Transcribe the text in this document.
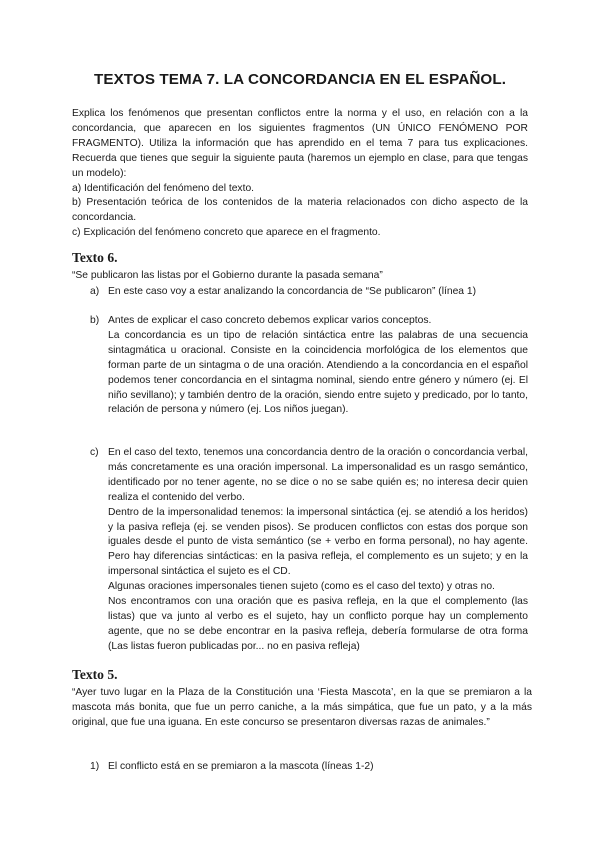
TEXTOS TEMA 7. LA CONCORDANCIA EN EL ESPAÑOL.

Explica los fenómenos que presentan conflictos entre la norma y el uso, en relación con a la concordancia, que aparecen en los siguientes fragmentos (UN ÚNICO FENÓMENO POR FRAGMENTO). Utiliza la información que has aprendido en el tema 7 para tus explicaciones. Recuerda que tienes que seguir la siguiente pauta (haremos un ejemplo en clase, para que tengas un modelo):

a) Identificación del fenómeno del texto.

b) Presentación teórica de los contenidos de la materia relacionados con dicho aspecto de la concordancia.

c) Explicación del fenómeno concreto que aparece en el fragmento.

Texto 6.

“Se publicaron las listas por el Gobierno durante la pasada semana”

a) En este caso voy a estar analizando la concordancia de “Se publicaron” (línea 1)

b) Antes de explicar el caso concreto debemos explicar varios conceptos.

La concordancia es un tipo de relación sintáctica entre las palabras de una secuencia sintagmática u oracional. Consiste en la coincidencia morfológica de los elementos que forman parte de un sintagma o de una oración. Atendiendo a la concordancia en el español podemos tener concordancia en el sintagma nominal, siendo entre género y número (ej. El niño sevillano); y también dentro de la oración, siendo entre sujeto y predicado, por lo tanto, relación de persona y número (ej. Los niños juegan).

c) En el caso del texto, tenemos una concordancia dentro de la oración o concordancia verbal, más concretamente es una oración impersonal. La impersonalidad es un rasgo semántico, identificado por no tener agente, no se dice o no se sabe quién es; no interesa decir quien realiza el contenido del verbo.

Dentro de la impersonalidad tenemos: la impersonal sintáctica (ej. se atendió a los heridos) y la pasiva refleja (ej. se venden pisos). Se producen conflictos con estas dos porque son iguales desde el punto de vista semántico (se + verbo en forma personal), no hay agente. Pero hay diferencias sintácticas: en la pasiva refleja, el complemento es un sujeto; y en la impersonal sintáctica el sujeto es el CD.

Algunas oraciones impersonales tienen sujeto (como es el caso del texto) y otras no.

Nos encontramos con una oración que es pasiva refleja, en la que el complemento (las listas) que va junto al verbo es el sujeto, hay un conflicto porque hay un complemento agente, que no se debe encontrar en la pasiva refleja, debería formularse de otra forma (Las listas fueron publicadas por... no en pasiva refleja)

Texto 5.

“Ayer tuvo lugar en la Plaza de la Constitución una ‘Fiesta Mascota’, en la que se premiaron a la mascota más bonita, que fue un perro caniche, a la más simpática, que fue un pato, y a la más original, que fue una iguana. En este concurso se presentaron diversas razas de animales.”

1) El conflicto está en se premiaron a la mascota (líneas 1-2)
